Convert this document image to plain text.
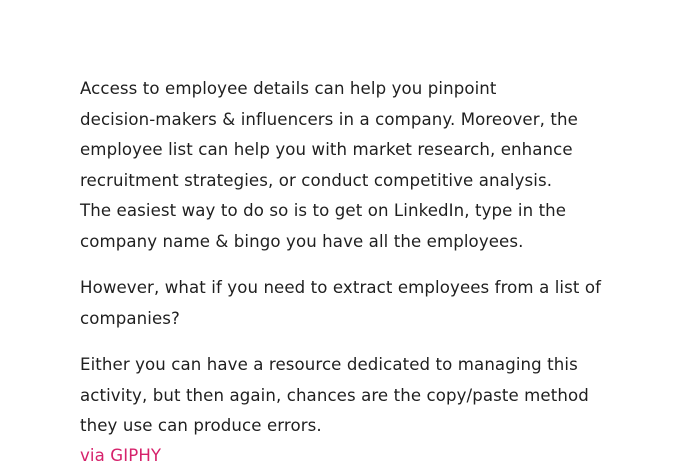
Access to employee details can help you pinpoint
decision-makers & influencers in a company. Moreover, the
employee list can help you with market research, enhance
recruitment strategies, or conduct competitive analysis.
The easiest way to do so is to get on LinkedIn, type in the
company name & bingo you have all the employees.

However, what if you need to extract employees from a list of
companies?

Either you can have a resource dedicated to managing this
activity, but then again, chances are the copy/paste method
they use can produce errors.

via GIPHY
